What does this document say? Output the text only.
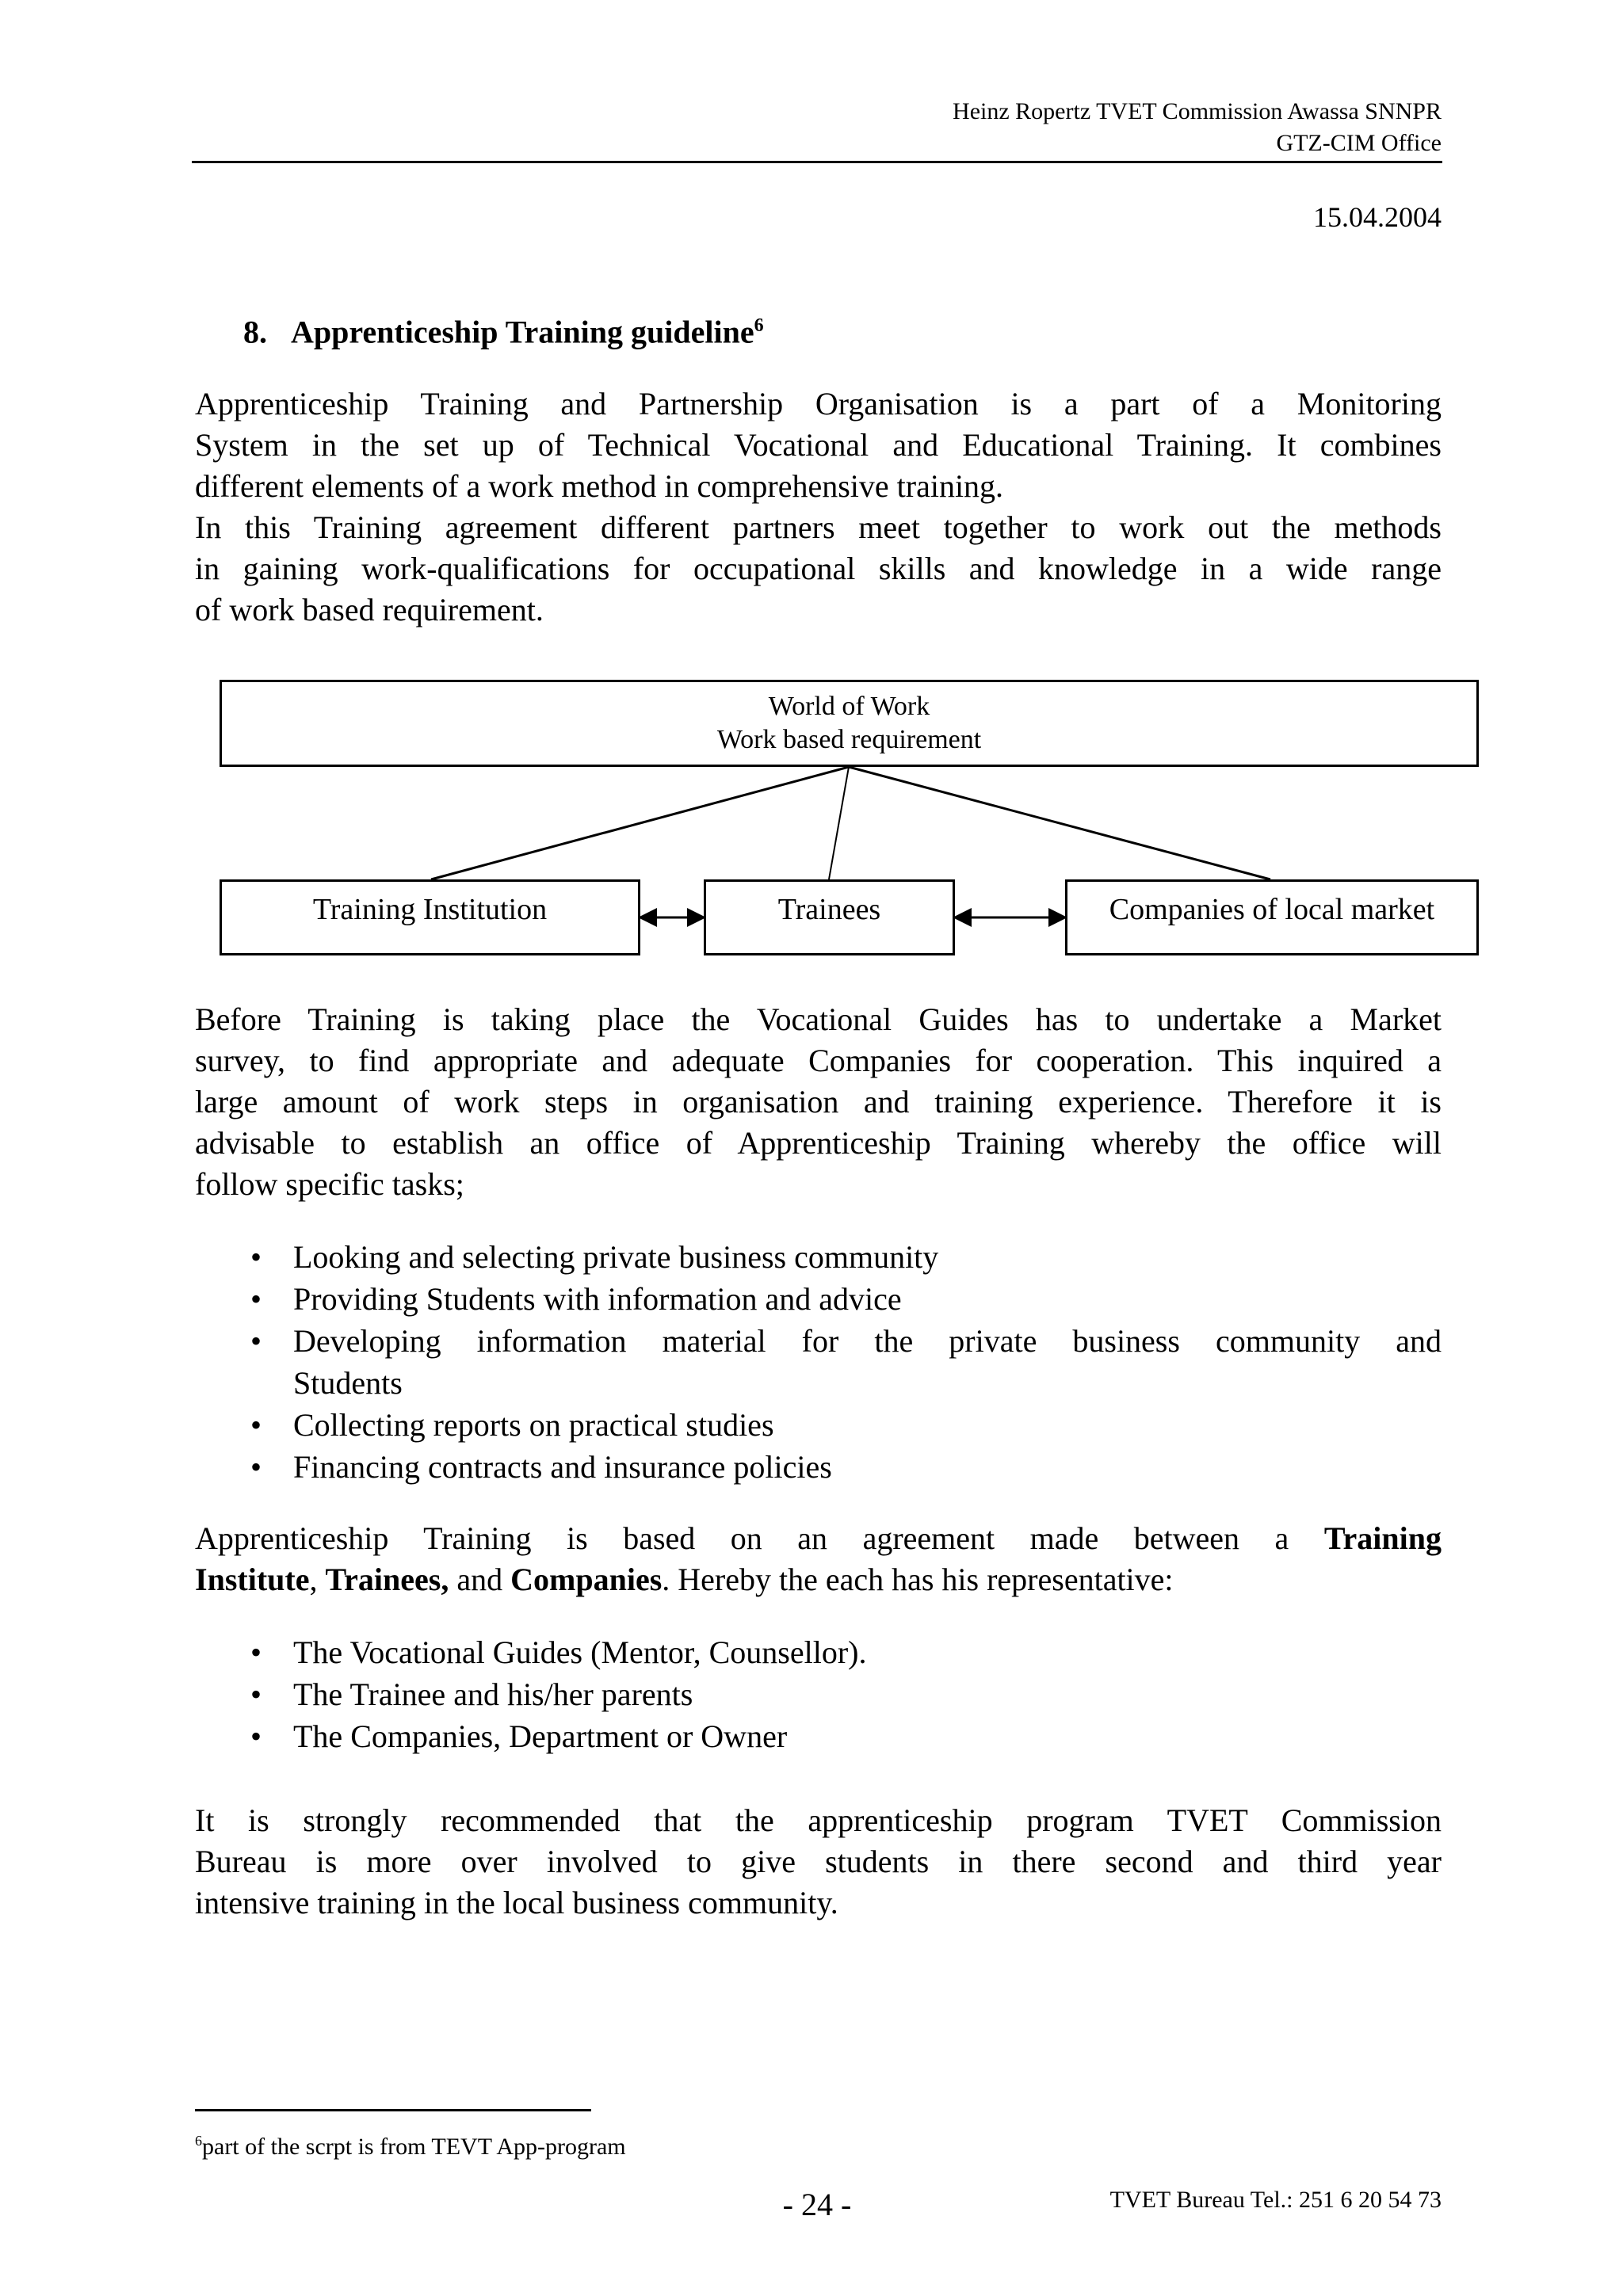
Heinz Ropertz TVET Commission Awassa SNNPR
GTZ-CIM Office
15.04.2004
8. Apprenticeship Training guideline$^6$
Apprenticeship Training and Partnership Organisation is a part of a Monitoring
System in the set up of Technical Vocational and Educational Training. It combines
different elements of a work method in comprehensive training.
In this Training agreement different partners meet together to work out the methods
in gaining work-qualifications for occupational skills and knowledge in a wide range
of work based requirement.
World of Work
Work based requirement
Training Institution	Trainees	Companies of local market
Before Training is taking place the Vocational Guides has to undertake a Market
survey, to find appropriate and adequate Companies for cooperation. This inquired a
large amount of work steps in organisation and training experience. Therefore it is
advisable to establish an office of Apprenticeship Training whereby the office will
follow specific tasks;
• Looking and selecting private business community
• Providing Students with information and advice
• Developing information material for the private business community and
Students
• Collecting reports on practical studies
• Financing contracts and insurance policies
Apprenticeship Training is based on an agreement made between a Training
Institute, Trainees, and Companies. Hereby the each has his representative:
• The Vocational Guides (Mentor, Counsellor).
• The Trainee and his/her parents
• The Companies, Department or Owner
It is strongly recommended that the apprenticeship program TVET Commission
Bureau is more over involved to give students in there second and third year
intensive training in the local business community.
$^6$part of the scrpt is from TEVT App-program
- 24 -	TVET Bureau Tel.: 251 6 20 54 73
